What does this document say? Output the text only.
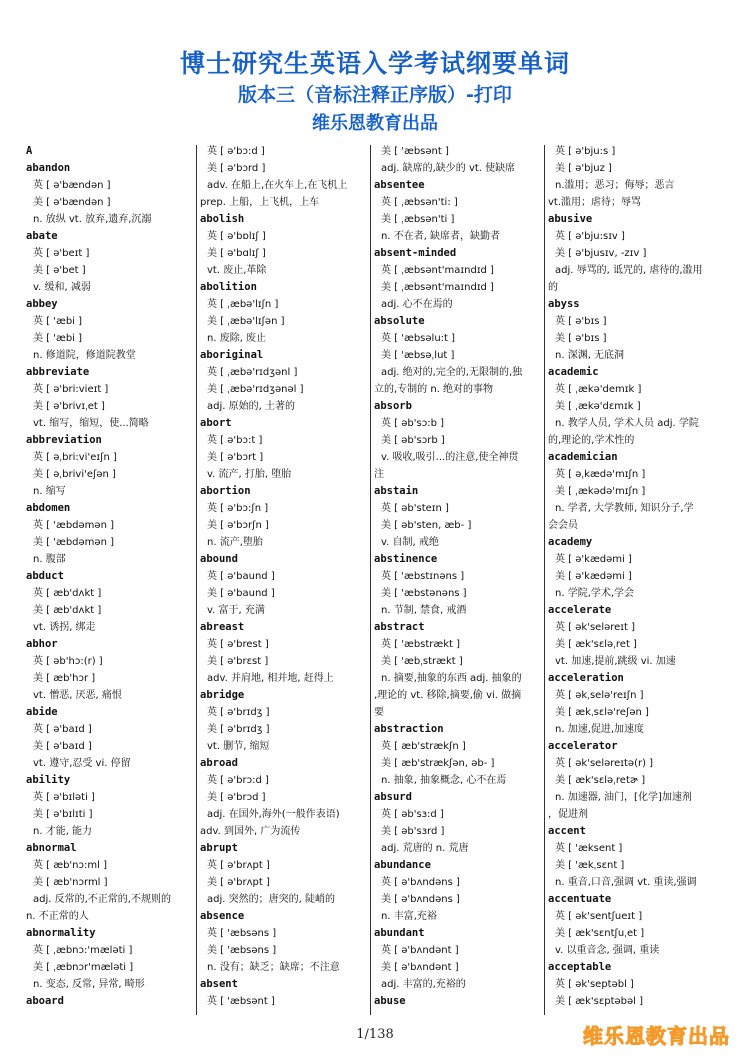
博士研究生英语入学考试纲要单词
版本三（音标注释正序版）-打印
维乐恩教育出品
A
abandon
英 [ ə'bændən ]
美 [ ə'bændən ]
n. 放纵 vt. 放弃,遗弃,沉溺
abate
英 [ ə'beɪt ]
美 [ ə'bet ]
v. 缓和, 减弱
abbey
英 [ 'æbi ]
美 [ 'æbi ]
n. 修道院，修道院教堂
abbreviate
英 [ ə'bri:vieɪt ]
美 [ ə'brivɪˌet ]
vt. 缩写，缩短，使...简略
abbreviation
英 [ əˌbri:vi'eɪʃn ]
美 [ əˌbrivi'eʃən ]
n. 缩写
abdomen
英 [ 'æbdəmən ]
美 [ 'æbdəmən ]
n. 腹部
abduct
英 [ æb'dʌkt ]
美 [ æb'dʌkt ]
vt. 诱拐, 绑走
abhor
英 [ əb'hɔ:(r) ]
美 [ æb'hɔr ]
vt. 憎恶, 厌恶, 痛恨
abide
英 [ ə'baɪd ]
美 [ ə'baɪd ]
vt. 遵守,忍受 vi. 停留
ability
英 [ ə'bɪləti ]
美 [ ə'bɪlɪti ]
n. 才能, 能力
abnormal
英 [ æb'nɔ:ml ]
美 [ æb'nɔrml ]
adj. 反常的,不正常的,不规则的
n. 不正常的人
abnormality
英 [ ˌæbnɔ:'mæləti ]
美 [ ˌæbnɔr'mæləti ]
n. 变态, 反常, 异常, 畸形
aboard
英 [ ə'bɔ:d ]
美 [ ə'bɔrd ]
adv. 在船上,在火车上,在飞机上
prep. 上船，上飞机，上车
abolish
英 [ ə'bɒlɪʃ ]
美 [ ə'bɑlɪʃ ]
vt. 废止,革除
abolition
英 [ ˌæbə'lɪʃn ]
美 [ ˌæbə'lɪʃən ]
n. 废除, 废止
aboriginal
英 [ ˌæbə'rɪdʒənl ]
美 [ ˌæbə'rɪdʒənəl ]
adj. 原始的, 土著的
abort
英 [ ə'bɔ:t ]
美 [ ə'bɔrt ]
v. 流产, 打胎, 堕胎
abortion
英 [ ə'bɔ:ʃn ]
美 [ ə'bɔrʃn ]
n. 流产,堕胎
abound
英 [ ə'baund ]
美 [ ə'baund ]
v. 富于, 充满
abreast
英 [ ə'brest ]
美 [ ə'brɛst ]
adv. 并肩地, 相并地, 赶得上
abridge
英 [ ə'brɪdʒ ]
美 [ ə'brɪdʒ ]
vt. 删节, 缩短
abroad
英 [ ə'brɔ:d ]
美 [ ə'brɔd ]
adj. 在国外,海外(一般作表语)
adv. 到国外, 广为流传
abrupt
英 [ ə'brʌpt ]
美 [ ə'brʌpt ]
adj. 突然的；唐突的, 陡峭的
absence
英 [ 'æbsəns ]
美 [ 'æbsəns ]
n. 没有；缺乏；缺席；不注意
absent
英 [ 'æbsənt ]
美 [ 'æbsənt ]
adj. 缺席的,缺少的 vt. 使缺席
absentee
英 [ ˌæbsən'ti: ]
美 [ ˌæbsən'ti ]
n. 不在者, 缺席者，缺勤者
absent-minded
英 [ ˌæbsənt'maɪndɪd ]
美 [ ˌæbsənt'maɪndɪd ]
adj. 心不在焉的
absolute
英 [ 'æbsəlu:t ]
美 [ 'æbsəˌlut ]
adj. 绝对的,完全的,无限制的,独
立的,专制的 n. 绝对的事物
absorb
英 [ əb'sɔ:b ]
美 [ əb'sɔrb ]
v. 吸收,吸引...的注意,使全神贯
注
abstain
英 [ əb'steɪn ]
美 [ əb'sten, æb- ]
v. 自制, 戒绝
abstinence
英 [ 'æbstɪnəns ]
美 [ 'æbstənəns ]
n. 节制, 禁食, 戒酒
abstract
英 [ 'æbstrækt ]
美 [ 'æbˌstrækt ]
n. 摘要,抽象的东西 adj. 抽象的
,理论的 vt. 移除,摘要,偷 vi. 做摘
要
abstraction
英 [ æb'strækʃn ]
美 [ æb'strækʃən, əb- ]
n. 抽象, 抽象概念, 心不在焉
absurd
英 [ əb'sɜ:d ]
美 [ əb'sɜrd ]
adj. 荒唐的 n. 荒唐
abundance
英 [ ə'bʌndəns ]
美 [ ə'bʌndəns ]
n. 丰富,充裕
abundant
英 [ ə'bʌndənt ]
美 [ ə'bʌndənt ]
adj. 丰富的,充裕的
abuse
英 [ ə'bju:s ]
美 [ ə'bjuz ]
n.滥用；恶习；侮辱；恶言
vt.滥用；虐待；辱骂
abusive
英 [ ə'bju:sɪv ]
美 [ ə'bjusɪv, -zɪv ]
adj. 辱骂的, 诋咒的, 虐待的,滥用
的
abyss
英 [ ə'bɪs ]
美 [ ə'bɪs ]
n. 深渊, 无底洞
academic
英 [ ˌækə'demɪk ]
美 [ ˌækə'dɛmɪk ]
n. 教学人员, 学术人员 adj. 学院
的,理论的,学术性的
academician
英 [ əˌkædə'mɪʃn ]
美 [ ˌækədə'mɪʃn ]
n. 学者, 大学教师, 知识分子,学
会会员
academy
英 [ ə'kædəmi ]
美 [ ə'kædəmi ]
n. 学院,学术,学会
accelerate
英 [ ək'seləreɪt ]
美 [ æk'sɛləˌret ]
vt. 加速,提前,跳级 vi. 加速
acceleration
英 [ əkˌselə'reɪʃn ]
美 [ ækˌsɛlə'reʃən ]
n. 加速,促进,加速度
accelerator
英 [ ək'seləreɪtə(r) ]
美 [ æk'sɛləˌretɚ ]
n. 加速器, 油门，[化学]加速剂
，促进剂
accent
英 [ 'æksent ]
美 [ 'ækˌsɛnt ]
n. 重音,口音,强调 vt. 重读,强调
accentuate
英 [ ək'sentʃueɪt ]
美 [ æk'sɛntʃuˌet ]
v. 以重音念, 强调, 重读
acceptable
英 [ ək'septəbl ]
美 [ æk'sɛptəbəl ]
1/138	维乐恩教育出品
